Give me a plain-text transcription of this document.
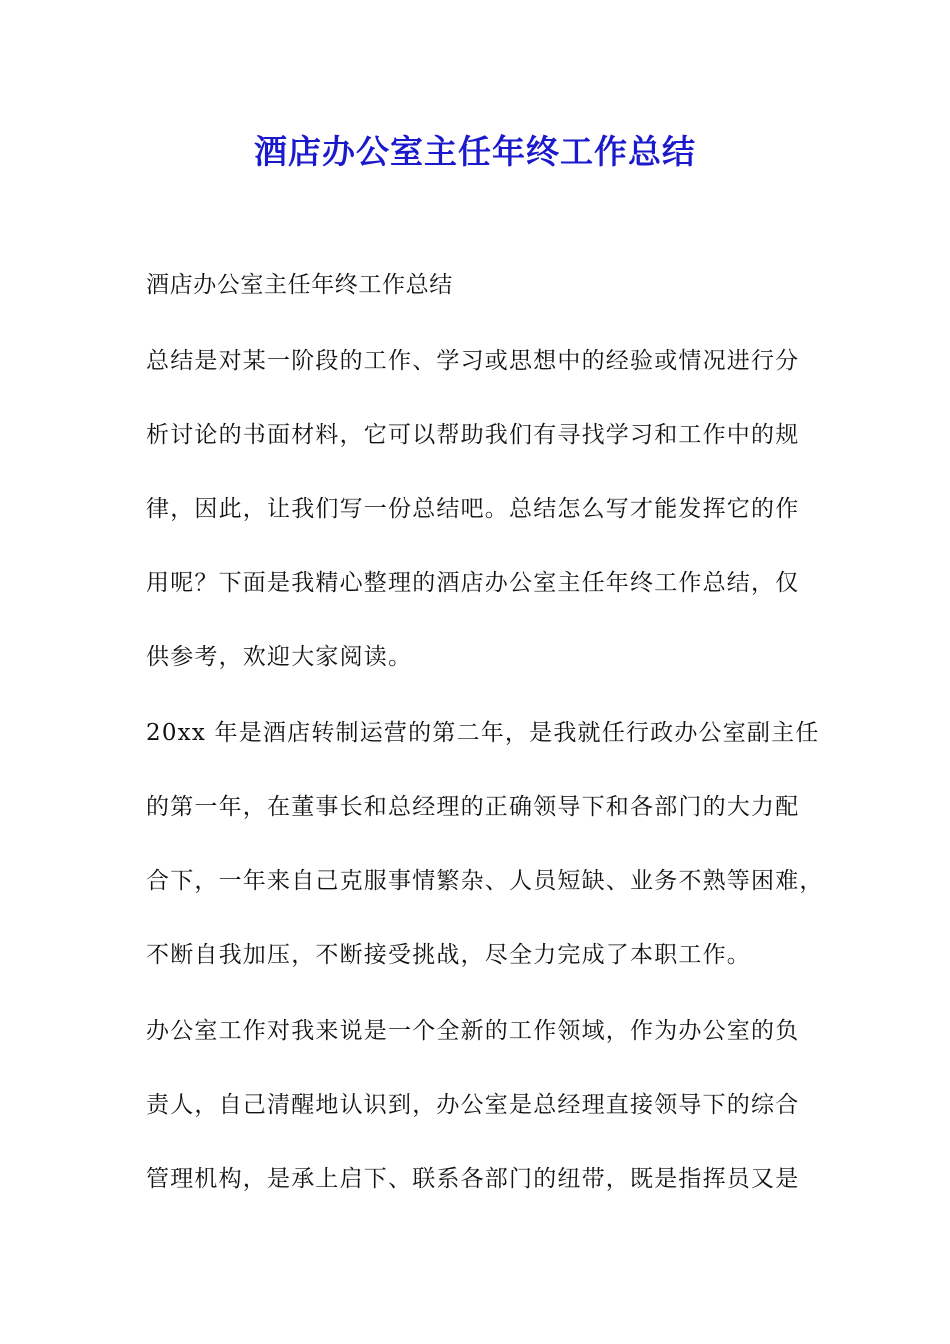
酒店办公室主任年终工作总结
酒店办公室主任年终工作总结
总结是对某一阶段的工作、学习或思想中的经验或情况进行分
析讨论的书面材料，它可以帮助我们有寻找学习和工作中的规
律，因此，让我们写一份总结吧。总结怎么写才能发挥它的作
用呢？下面是我精心整理的酒店办公室主任年终工作总结，仅
供参考，欢迎大家阅读。
20xx 年是酒店转制运营的第二年，是我就任行政办公室副主任
的第一年，在董事长和总经理的正确领导下和各部门的大力配
合下，一年来自己克服事情繁杂、人员短缺、业务不熟等困难，
不断自我加压，不断接受挑战，尽全力完成了本职工作。
办公室工作对我来说是一个全新的工作领域，作为办公室的负
责人，自己清醒地认识到，办公室是总经理直接领导下的综合
管理机构，是承上启下、联系各部门的纽带，既是指挥员又是
